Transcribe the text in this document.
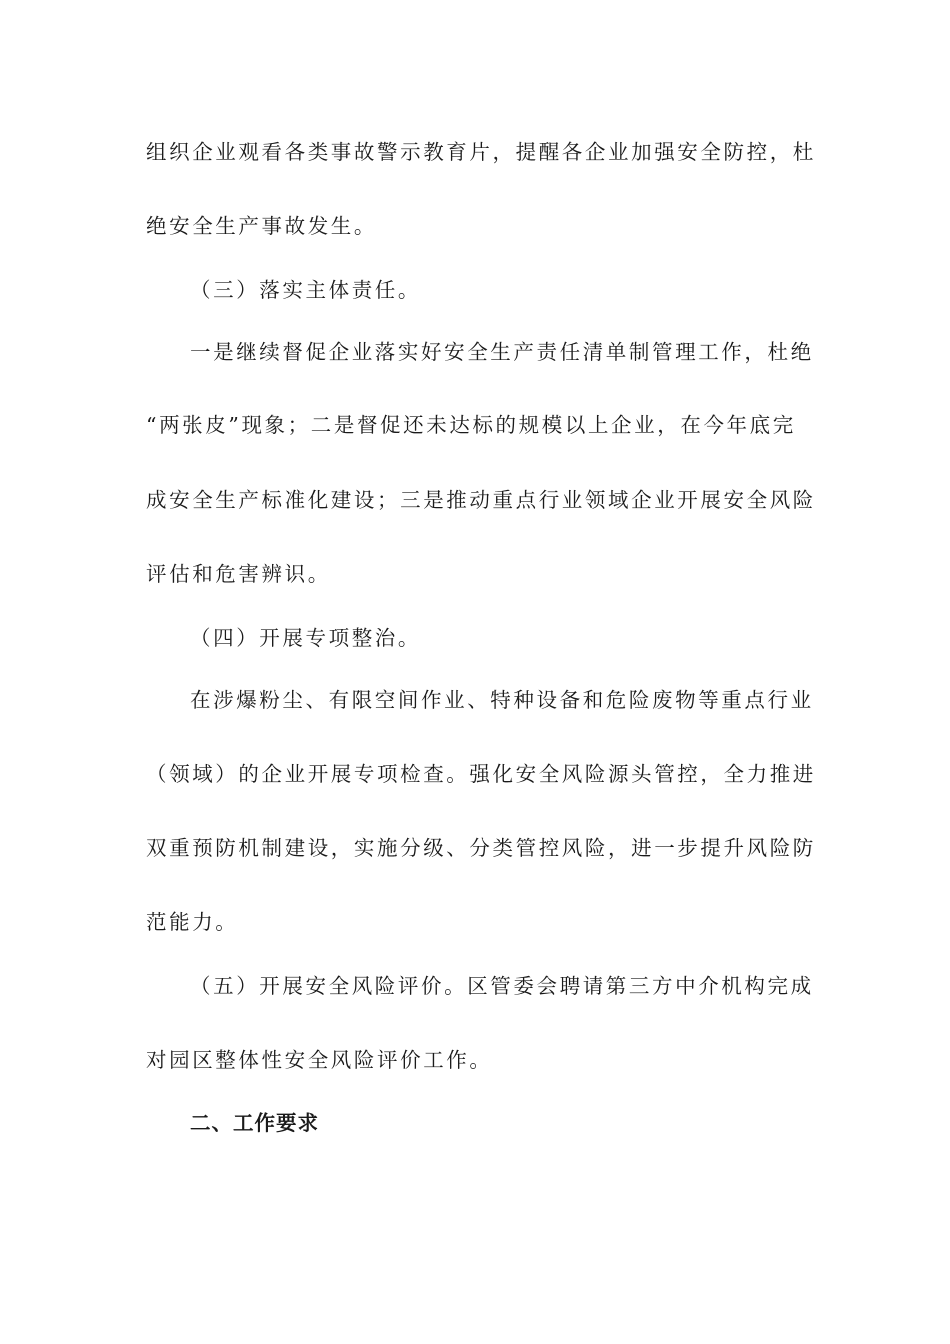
组织企业观看各类事故警示教育片，提醒各企业加强安全防控，杜
绝安全生产事故发生。
（三）落实主体责任。
一是继续督促企业落实好安全生产责任清单制管理工作，杜绝
“两张皮”现象；二是督促还未达标的规模以上企业，在今年底完
成安全生产标准化建设；三是推动重点行业领域企业开展安全风险
评估和危害辨识。
（四）开展专项整治。
在涉爆粉尘、有限空间作业、特种设备和危险废物等重点行业
（领域）的企业开展专项检查。强化安全风险源头管控，全力推进
双重预防机制建设，实施分级、分类管控风险，进一步提升风险防
范能力。
（五）开展安全风险评价。区管委会聘请第三方中介机构完成
对园区整体性安全风险评价工作。
二、工作要求
